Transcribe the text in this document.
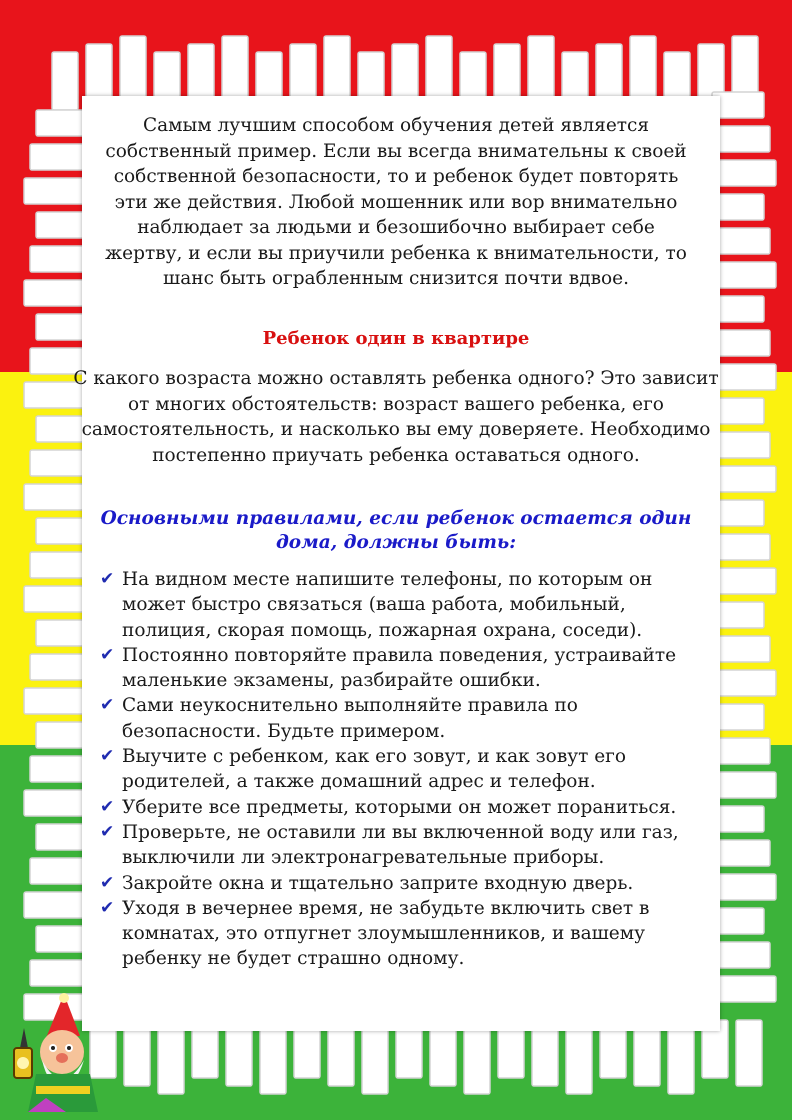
Самым лучшим способом обучения детей является собственный пример. Если вы всегда внимательны к своей собственной безопасности, то и ребенок будет повторять эти же действия. Любой мошенник или вор внимательно наблюдает за людьми и безошибочно выбирает себе жертву, и если вы приучили ребенка к внимательности, то шанс быть ограбленным снизится почти вдвое.
Ребенок один в квартире
С какого возраста можно оставлять ребенка одного? Это зависит от многих обстоятельств: возраст вашего ребенка, его самостоятельность, и насколько вы ему доверяете. Необходимо постепенно приучать ребенка оставаться одного.
Основными правилами, если ребенок остается один дома, должны быть:
✔ На видном месте напишите телефоны, по которым он может быстро связаться (ваша работа, мобильный, полиция, скорая помощь, пожарная охрана, соседи).
✔ Постоянно повторяйте правила поведения, устраивайте маленькие экзамены, разбирайте ошибки.
✔ Сами неукоснительно выполняйте правила по безопасности. Будьте примером.
✔ Выучите с ребенком, как его зовут, и как зовут его родителей, а также домашний адрес и телефон.
✔ Уберите все предметы, которыми он может пораниться.
✔ Проверьте, не оставили ли вы включенной воду или газ, выключили ли электронагревательные приборы.
✔ Закройте окна и тщательно заприте входную дверь.
✔ Уходя в вечернее время, не забудьте включить свет в комнатах, это отпугнет злоумышленников, и вашему ребенку не будет страшно одному.
